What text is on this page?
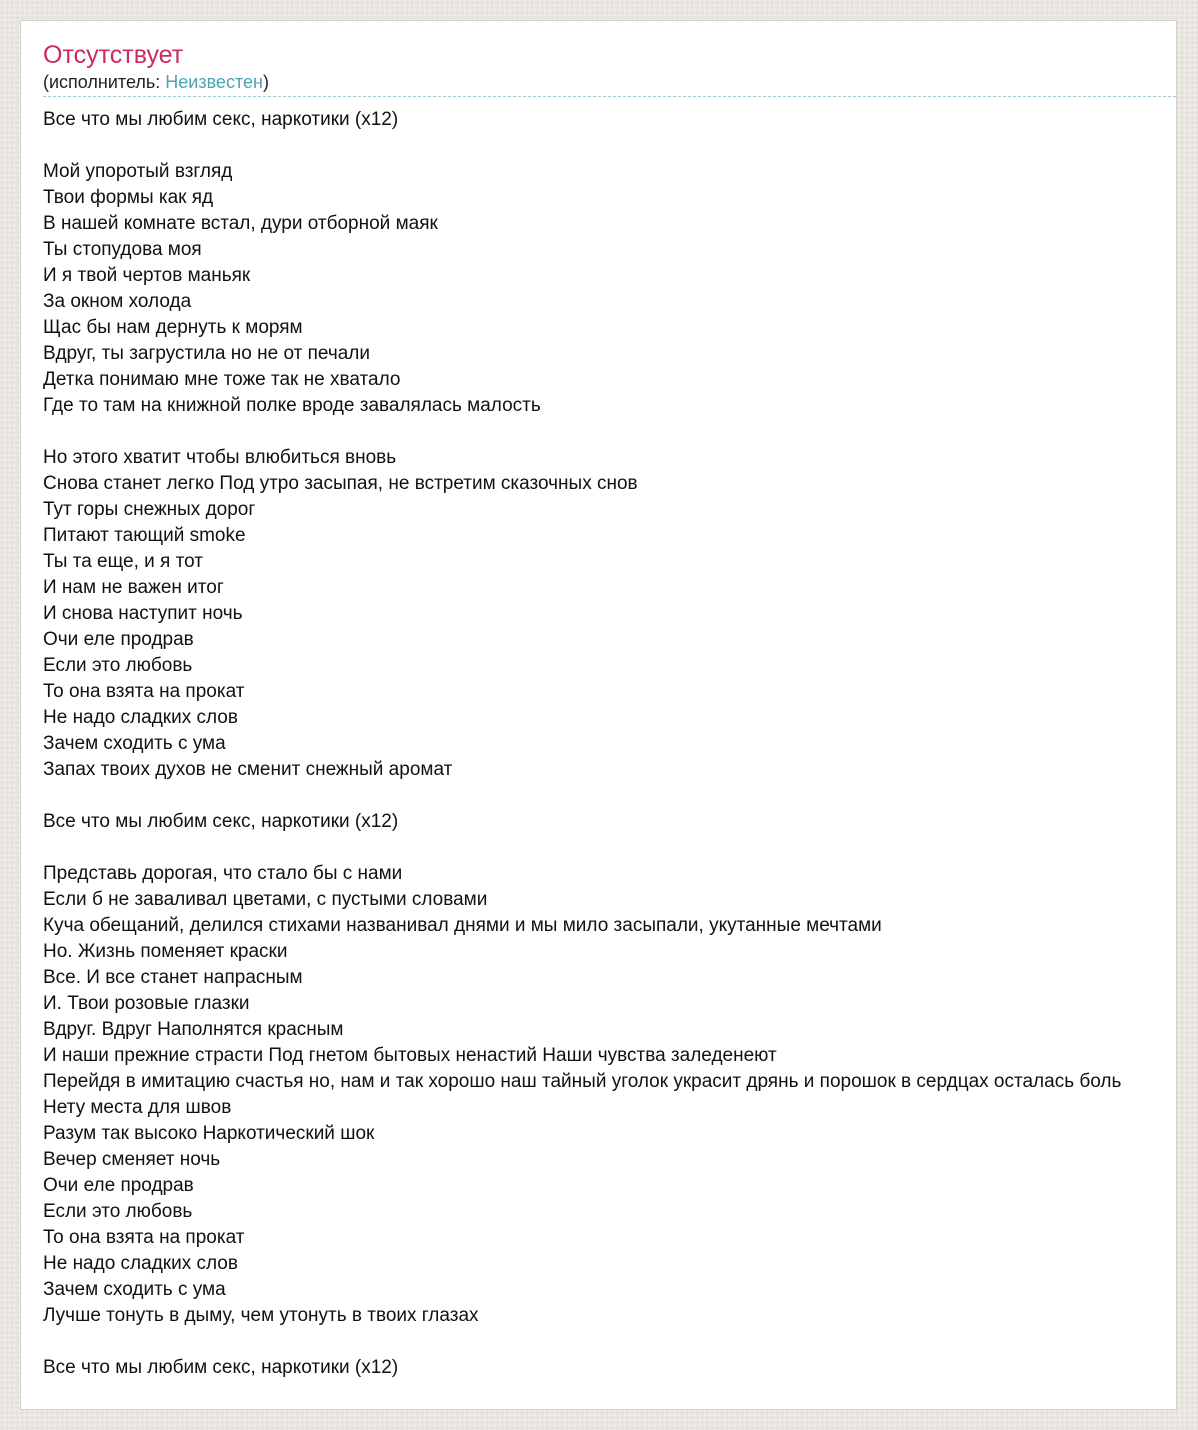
Отсутствует
(исполнитель: Неизвестен)
Все что мы любим секс, наркотики (x12)
Мой упоротый взгляд
Твои формы как яд
В нашей комнате встал, дури отборной маяк
Ты стопудова моя
И я твой чертов маньяк
За окном холода
Щас бы нам дернуть к морям
Вдруг, ты загрустила но не от печали
Детка понимаю мне тоже так не хватало
Где то там на книжной полке вроде завалялась малость
Но этого хватит чтобы влюбиться вновь
Снова станет легко Под утро засыпая, не встретим сказочных снов
Тут горы снежных дорог
Питают тающий smoke
Ты та еще, и я тот
И нам не важен итог
И снова наступит ночь
Очи еле продрав
Если это любовь
То она взята на прокат
Не надо сладких слов
Зачем сходить с ума
Запах твоих духов не сменит снежный аромат
Все что мы любим секс, наркотики (x12)
Представь дорогая, что стало бы с нами
Если б не заваливал цветами, с пустыми словами
Куча обещаний, делился стихами названивал днями и мы мило засыпали, укутанные мечтами
Но. Жизнь поменяет краски
Все. И все станет напрасным
И. Твои розовые глазки
Вдруг. Вдруг Наполнятся красным
И наши прежние страсти Под гнетом бытовых ненастий Наши чувства заледенеют
Перейдя в имитацию счастья но, нам и так хорошо наш тайный уголок украсит дрянь и порошок в сердцах осталась боль
Нету места для швов
Разум так высоко Наркотический шок
Вечер сменяет ночь
Очи еле продрав
Если это любовь
То она взята на прокат
Не надо сладких слов
Зачем сходить с ума
Лучше тонуть в дыму, чем утонуть в твоих глазах
Все что мы любим секс, наркотики (x12)
